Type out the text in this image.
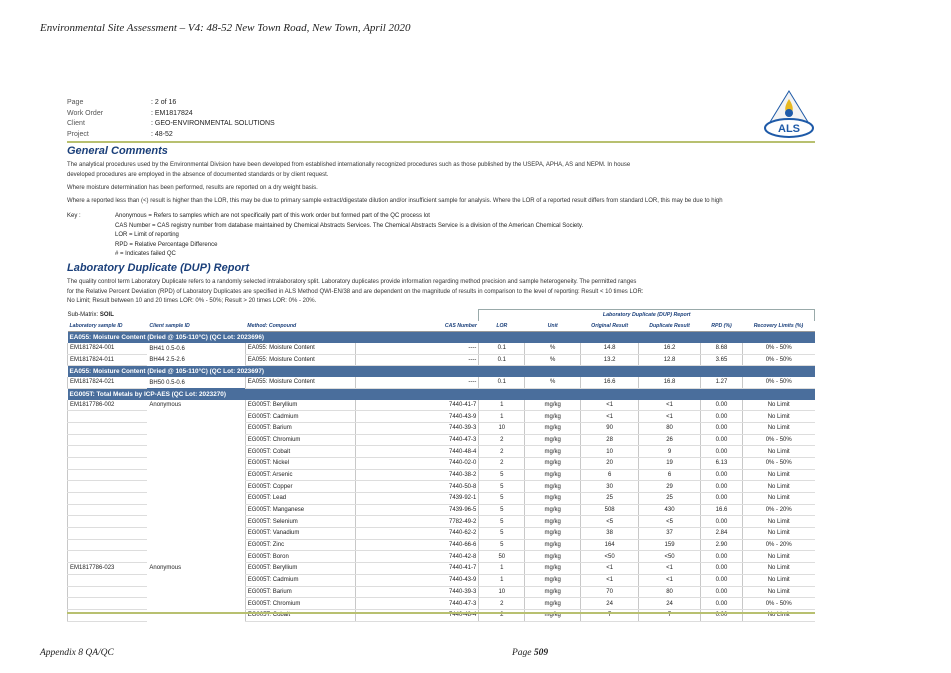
Environmental Site Assessment – V4: 48-52 New Town Road, New Town, April 2020
Page	: 2 of 16
Work Order	: EM1817824
Client	: GEO-ENVIRONMENTAL SOLUTIONS
Project	: 48-52	ALS
General Comments
The analytical procedures used by the Environmental Division have been developed from established internationally recognized procedures such as those published by the USEPA, APHA, AS and NEPM. In house
developed procedures are employed in the absence of documented standards or by client request.
Where moisture determination has been performed, results are reported on a dry weight basis.
Where a reported less than (<) result is higher than the LOR, this may be due to primary sample extract/digestate dilution and/or insufficient sample for analysis. Where the LOR of a reported result differs from standard LOR, this may be due to high
Key :	Anonymous = Refers to samples which are not specifically part of this work order but formed part of the QC process lot
CAS Number = CAS registry number from database maintained by Chemical Abstracts Services. The Chemical Abstracts Service is a division of the American Chemical Society.
LOR = Limit of reporting
RPD = Relative Percentage Difference
# = Indicates failed QC
Laboratory Duplicate (DUP) Report
The quality control term Laboratory Duplicate refers to a randomly selected intralaboratory split. Laboratory duplicates provide information regarding method precision and sample heterogeneity. The permitted ranges
for the Relative Percent Deviation (RPD) of Laboratory Duplicates are specified in ALS Method QWI-EN/38 and are dependent on the magnitude of results in comparison to the level of reporting: Result < 10 times LOR:
No Limit; Result between 10 and 20 times LOR: 0% - 50%; Result > 20 times LOR: 0% - 20%.
Sub-Matrix: SOIL				Laboratory Duplicate (DUP) Report					
Laboratory sample ID	Client sample ID	Method: Compound	CAS Number	LOR	Unit	Original Result	Duplicate Result	RPD (%)	Recovery Limits (%)
EA055: Moisture Content (Dried @ 105-110°C) (QC Lot: 2023696)									
EM1817824-001	BH41 0.5-0.6	EA055: Moisture Content	----	0.1	%	14.8	16.2	8.68	0% - 50%
EM1817824-011	BH44 2.5-2.6	EA055: Moisture Content	----	0.1	%	13.2	12.8	3.65	0% - 50%
EA055: Moisture Content (Dried @ 105-110°C) (QC Lot: 2023697)									
EM1817824-021	BH50 0.5-0.6	EA055: Moisture Content	----	0.1	%	16.6	16.8	1.27	0% - 50%
EG005T: Total Metals by ICP-AES (QC Lot: 2023270)									
EM1817786-002	Anonymous	EG005T: Beryllium	7440-41-7	1	mg/kg	<1	<1	0.00	No Limit
		EG005T: Cadmium	7440-43-9	1	mg/kg	<1	<1	0.00	No Limit
		EG005T: Barium	7440-39-3	10	mg/kg	90	80	0.00	No Limit
		EG005T: Chromium	7440-47-3	2	mg/kg	28	26	0.00	0% - 50%
		EG005T: Cobalt	7440-48-4	2	mg/kg	10	9	0.00	No Limit
		EG005T: Nickel	7440-02-0	2	mg/kg	20	19	6.13	0% - 50%
		EG005T: Arsenic	7440-38-2	5	mg/kg	6	6	0.00	No Limit
		EG005T: Copper	7440-50-8	5	mg/kg	30	29	0.00	No Limit
		EG005T: Lead	7439-92-1	5	mg/kg	25	25	0.00	No Limit
		EG005T: Manganese	7439-96-5	5	mg/kg	508	430	16.6	0% - 20%
		EG005T: Selenium	7782-49-2	5	mg/kg	<5	<5	0.00	No Limit
		EG005T: Vanadium	7440-62-2	5	mg/kg	38	37	2.84	No Limit
		EG005T: Zinc	7440-66-6	5	mg/kg	164	159	2.90	0% - 20%
		EG005T: Boron	7440-42-8	50	mg/kg	<50	<50	0.00	No Limit
EM1817786-023	Anonymous	EG005T: Beryllium	7440-41-7	1	mg/kg	<1	<1	0.00	No Limit
		EG005T: Cadmium	7440-43-9	1	mg/kg	<1	<1	0.00	No Limit
		EG005T: Barium	7440-39-3	10	mg/kg	70	80	0.00	No Limit
		EG005T: Chromium	7440-47-3	2	mg/kg	24	24	0.00	0% - 50%
		EG005T: Cobalt	7440-48-4	2	mg/kg	7	7	0.00	No Limit
Appendix 8 QA/QC	Page 509
